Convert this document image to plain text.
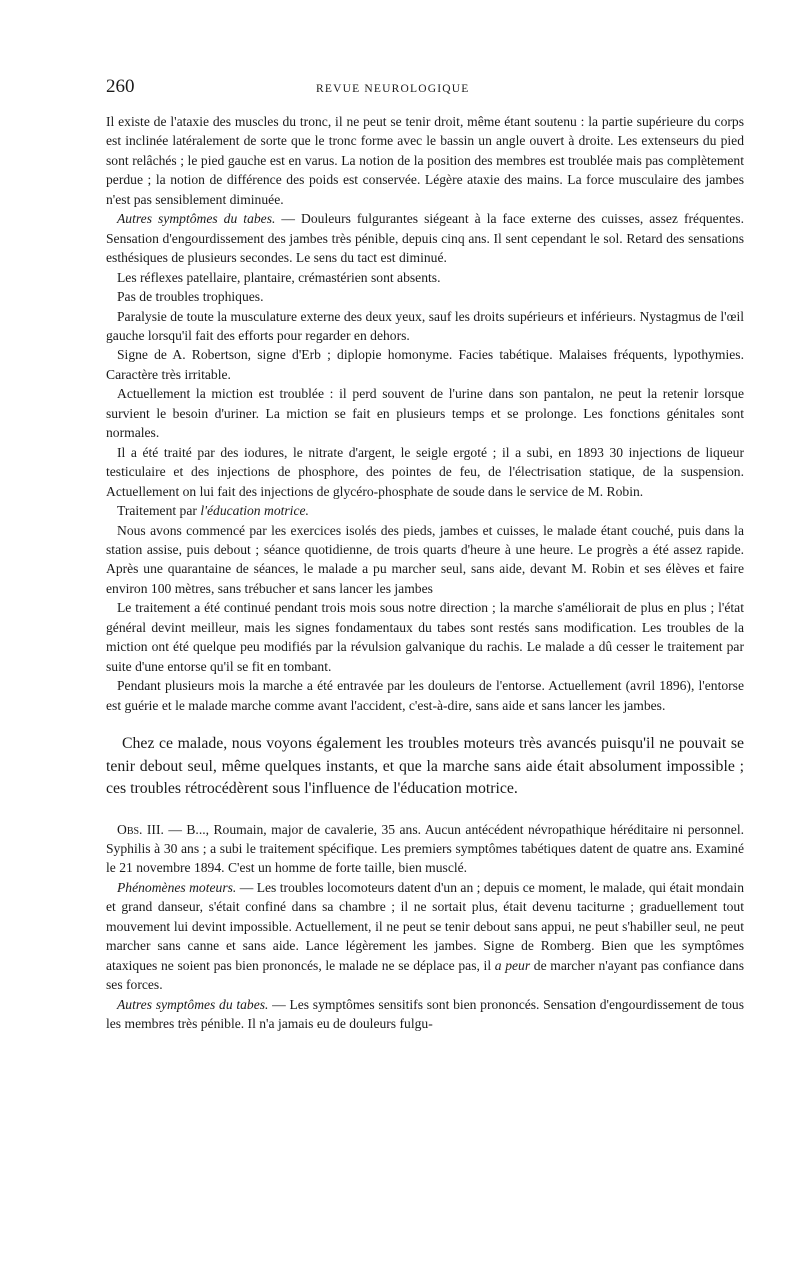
260	REVUE NEUROLOGIQUE

Il existe de l'ataxie des muscles du tronc, il ne peut se tenir droit, même étant soutenu : la partie supérieure du corps est inclinée latéralement de sorte que le tronc forme avec le bassin un angle ouvert à droite. Les extenseurs du pied sont relâchés ; le pied gauche est en varus. La notion de la position des membres est troublée mais pas complètement perdue ; la notion de différence des poids est conservée. Légère ataxie des mains. La force musculaire des jambes n'est pas sensiblement diminuée.

Autres symptômes du tabes. — Douleurs fulgurantes siégeant à la face externe des cuisses, assez fréquentes. Sensation d'engourdissement des jambes très pénible, depuis cinq ans. Il sent cependant le sol. Retard des sensations esthésiques de plusieurs secondes. Le sens du tact est diminué.

Les réflexes patellaire, plantaire, crémastérien sont absents.

Pas de troubles trophiques.

Paralysie de toute la musculature externe des deux yeux, sauf les droits supérieurs et inférieurs. Nystagmus de l'œil gauche lorsqu'il fait des efforts pour regarder en dehors.

Signe de A. Robertson, signe d'Erb ; diplopie homonyme. Facies tabétique. Malaises fréquents, lypothymies. Caractère très irritable.

Actuellement la miction est troublée : il perd souvent de l'urine dans son pantalon, ne peut la retenir lorsque survient le besoin d'uriner. La miction se fait en plusieurs temps et se prolonge. Les fonctions génitales sont normales.

Il a été traité par des iodures, le nitrate d'argent, le seigle ergoté ; il a subi, en 1893 30 injections de liqueur testiculaire et des injections de phosphore, des pointes de feu, de l'électrisation statique, de la suspension. Actuellement on lui fait des injections de glycéro-phosphate de soude dans le service de M. Robin.

Traitement par l'éducation motrice.

Nous avons commencé par les exercices isolés des pieds, jambes et cuisses, le malade étant couché, puis dans la station assise, puis debout ; séance quotidienne, de trois quarts d'heure à une heure. Le progrès a été assez rapide. Après une quarantaine de séances, le malade a pu marcher seul, sans aide, devant M. Robin et ses élèves et faire environ 100 mètres, sans trébucher et sans lancer les jambes

Le traitement a été continué pendant trois mois sous notre direction ; la marche s'améliorait de plus en plus ; l'état général devint meilleur, mais les signes fondamentaux du tabes sont restés sans modification. Les troubles de la miction ont été quelque peu modifiés par la révulsion galvanique du rachis. Le malade a dû cesser le traitement par suite d'une entorse qu'il se fit en tombant.

Pendant plusieurs mois la marche a été entravée par les douleurs de l'entorse. Actuellement (avril 1896), l'entorse est guérie et le malade marche comme avant l'accident, c'est-à-dire, sans aide et sans lancer les jambes.

Chez ce malade, nous voyons également les troubles moteurs très avancés puisqu'il ne pouvait se tenir debout seul, même quelques instants, et que la marche sans aide était absolument impossible ; ces troubles rétrocédèrent sous l'influence de l'éducation motrice.

Obs. III. — B..., Roumain, major de cavalerie, 35 ans. Aucun antécédent névropathique héréditaire ni personnel. Syphilis à 30 ans ; a subi le traitement spécifique. Les premiers symptômes tabétiques datent de quatre ans. Examiné le 21 novembre 1894. C'est un homme de forte taille, bien musclé.

Phénomènes moteurs. — Les troubles locomoteurs datent d'un an ; depuis ce moment, le malade, qui était mondain et grand danseur, s'était confiné dans sa chambre ; il ne sortait plus, était devenu taciturne ; graduellement tout mouvement lui devint impossible. Actuellement, il ne peut se tenir debout sans appui, ne peut s'habiller seul, ne peut marcher sans canne et sans aide. Lance légèrement les jambes. Signe de Romberg. Bien que les symptômes ataxiques ne soient pas bien prononcés, le malade ne se déplace pas, il a peur de marcher n'ayant pas confiance dans ses forces.

Autres symptômes du tabes. — Les symptômes sensitifs sont bien prononcés. Sensation d'engourdissement de tous les membres très pénible. Il n'a jamais eu de douleurs fulgu-
